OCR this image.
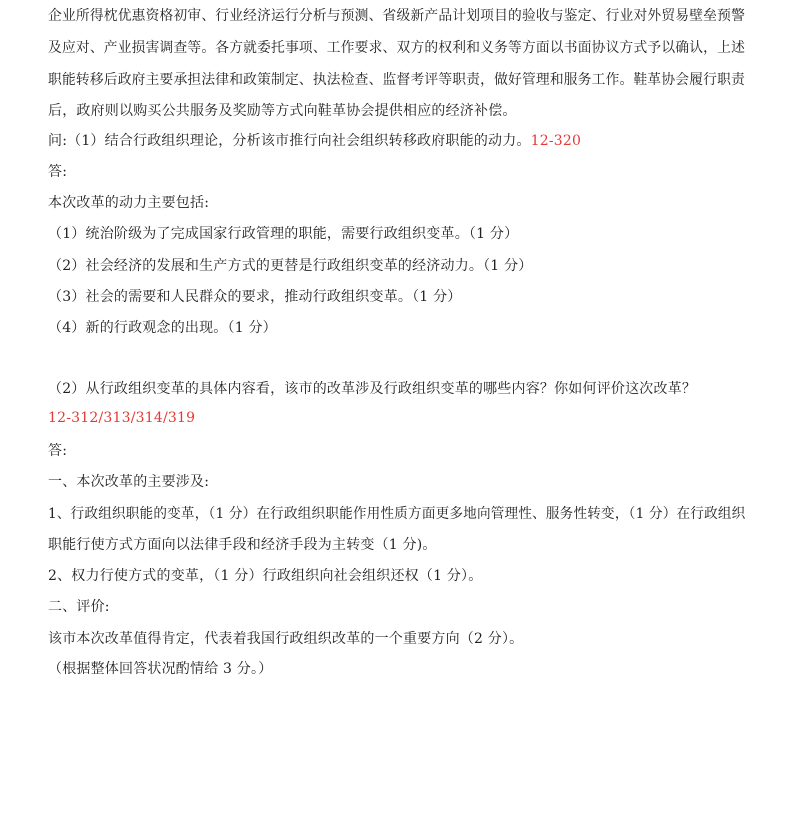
企业所得枕优惠资格初审、行业经济运行分析与预测、省级新产品计划项目的验收与鉴定、行业对外贸易壁垒预警
及应对、产业损害调查等。各方就委托事项、工作要求、双方的权利和义务等方面以书面协议方式予以确认，上述
职能转移后政府主要承担法律和政策制定、执法检查、监督考评等职责，做好管理和服务工作。鞋革协会履行职责
后，政府则以购买公共服务及奖励等方式向鞋革协会提供相应的经济补偿。
问:（1）结合行政组织理论，分析该市推行向社会组织转移政府职能的动力。12-320
答:
本次改革的动力主要包括:
（1）统治阶级为了完成国家行政管理的职能，需要行政组织变革。（1 分）
（2）社会经济的发展和生产方式的更替是行政组织变革的经济动力。（1 分）
（3）社会的需要和人民群众的要求，推动行政组织变革。（1 分）
（4）新的行政观念的出现。（1 分）
（2）从行政组织变革的具体内容看，该市的改革涉及行政组织变革的哪些内容？你如何评价这次改革？
12-312/313/314/319
答:
一、本次改革的主要涉及:
1、行政组织职能的变革，（1 分）在行政组织职能作用性质方面更多地向管理性、服务性转变，（1 分）在行政组织
职能行使方式方面向以法律手段和经济手段为主转变（1 分)。
2、权力行使方式的变革，（1 分）行政组织向社会组织还权（1 分）。
二、评价:
该市本次改革值得肯定，代表着我国行政组织改革的一个重要方向（2 分）。
（根据整体回答状况酌情给 3 分。）
